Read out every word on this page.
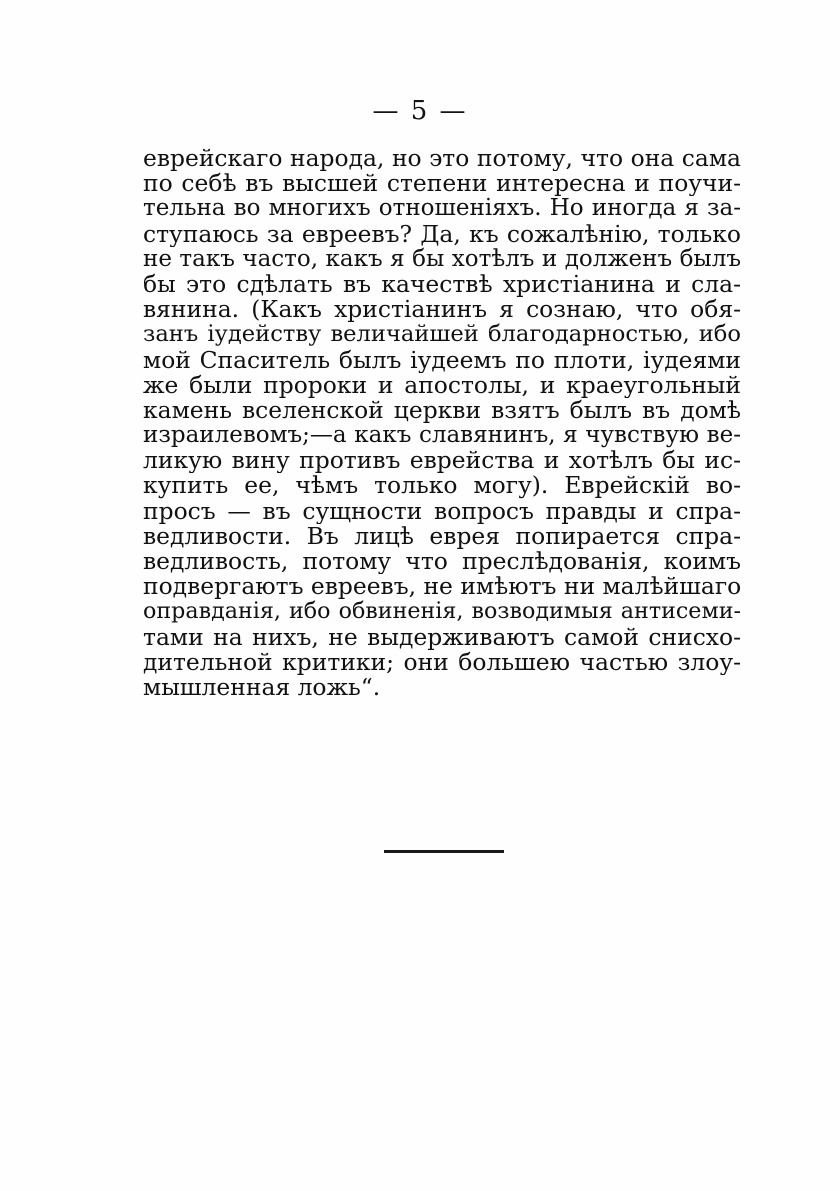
— 5 —
еврейскаго народа, но это потому, что она сама
по себѣ въ высшей степени интересна и поучи-
тельна во многихъ отношеніяхъ. Но иногда я за-
ступаюсь за евреевъ? Да, къ сожалѣнію, только
не такъ часто, какъ я бы хотѣлъ и долженъ былъ
бы это сдѣлать въ качествѣ христіанина и сла-
вянина. (Какъ христіанинъ я сознаю, что обя-
занъ іудейству величайшей благодарностью, ибо
мой Спаситель былъ іудеемъ по плоти, іудеями
же были пророки и апостолы, и краеугольный
камень вселенской церкви взятъ былъ въ домѣ
израилевомъ;—а какъ славянинъ, я чувствую ве-
ликую вину противъ еврейства и хотѣлъ бы ис-
купить ее, чѣмъ только могу). Еврейскій во-
просъ — въ сущности вопросъ правды и спра-
ведливости. Въ лицѣ еврея попирается спра-
ведливость, потому что преслѣдованія, коимъ
подвергаютъ евреевъ, не имѣютъ ни малѣйшаго
оправданія, ибо обвиненія, возводимыя антисеми-
тами на нихъ, не выдерживаютъ самой снисхо-
дительной критики; они большею частью злоу-
мышленная ложь“.
